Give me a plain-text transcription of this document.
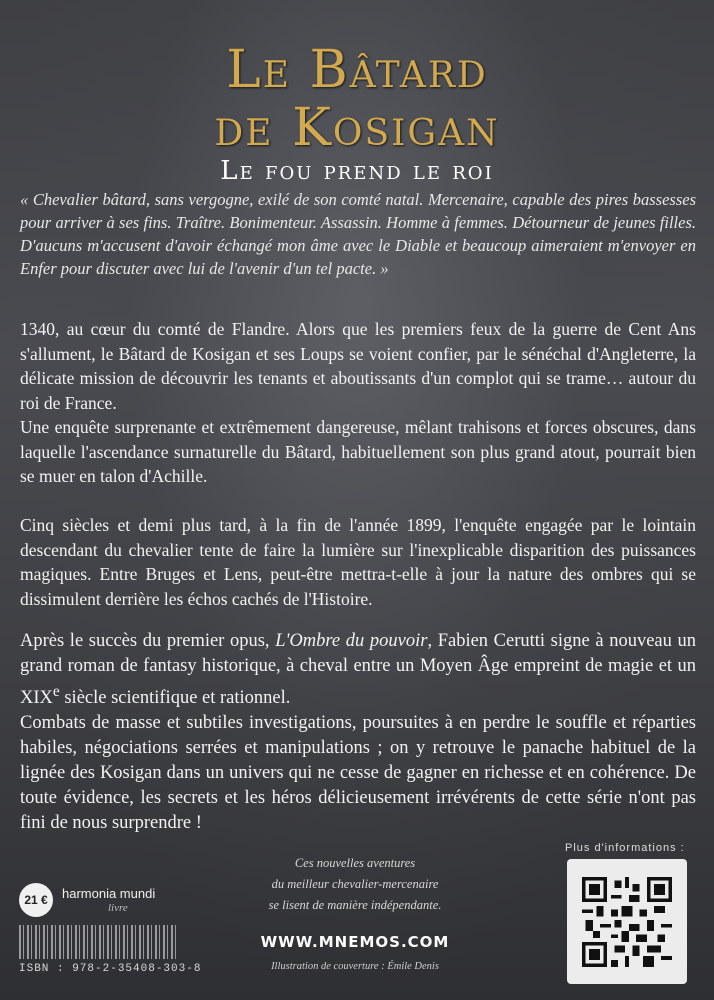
Le Bâtard
de Kosigan
Le fou prend le roi
« Chevalier bâtard, sans vergogne, exilé de son comté natal. Mercenaire, capable des pires bassesses pour arriver à ses fins. Traître. Bonimenteur. Assassin. Homme à femmes. Détourneur de jeunes filles. D'aucuns m'accusent d'avoir échangé mon âme avec le Diable et beaucoup aimeraient m'envoyer en Enfer pour discuter avec lui de l'avenir d'un tel pacte. »
1340, au cœur du comté de Flandre. Alors que les premiers feux de la guerre de Cent Ans s'allument, le Bâtard de Kosigan et ses Loups se voient confier, par le sénéchal d'Angleterre, la délicate mission de découvrir les tenants et aboutissants d'un complot qui se trame… autour du roi de France.
Une enquête surprenante et extrêmement dangereuse, mêlant trahisons et forces obscures, dans laquelle l'ascendance surnaturelle du Bâtard, habituellement son plus grand atout, pourrait bien se muer en talon d'Achille.
Cinq siècles et demi plus tard, à la fin de l'année 1899, l'enquête engagée par le lointain descendant du chevalier tente de faire la lumière sur l'inexplicable disparition des puissances magiques. Entre Bruges et Lens, peut-être mettra-t-elle à jour la nature des ombres qui se dissimulent derrière les échos cachés de l'Histoire.
Après le succès du premier opus, L'Ombre du pouvoir, Fabien Cerutti signe à nouveau un grand roman de fantasy historique, à cheval entre un Moyen Âge empreint de magie et un XIXe siècle scientifique et rationnel.
Combats de masse et subtiles investigations, poursuites à en perdre le souffle et réparties habiles, négociations serrées et manipulations ; on y retrouve le panache habituel de la lignée des Kosigan dans un univers qui ne cesse de gagner en richesse et en cohérence. De toute évidence, les secrets et les héros délicieusement irrévérents de cette série n'ont pas fini de nous surprendre !
Ces nouvelles aventures
du meilleur chevalier-mercenaire
se lisent de manière indépendante.
WWW.MNEMOS.COM
Illustration de couverture : Émile Denis
21 €	harmonia mundi
livre
ISBN : 978-2-35408-303-8
Plus d'informations :
